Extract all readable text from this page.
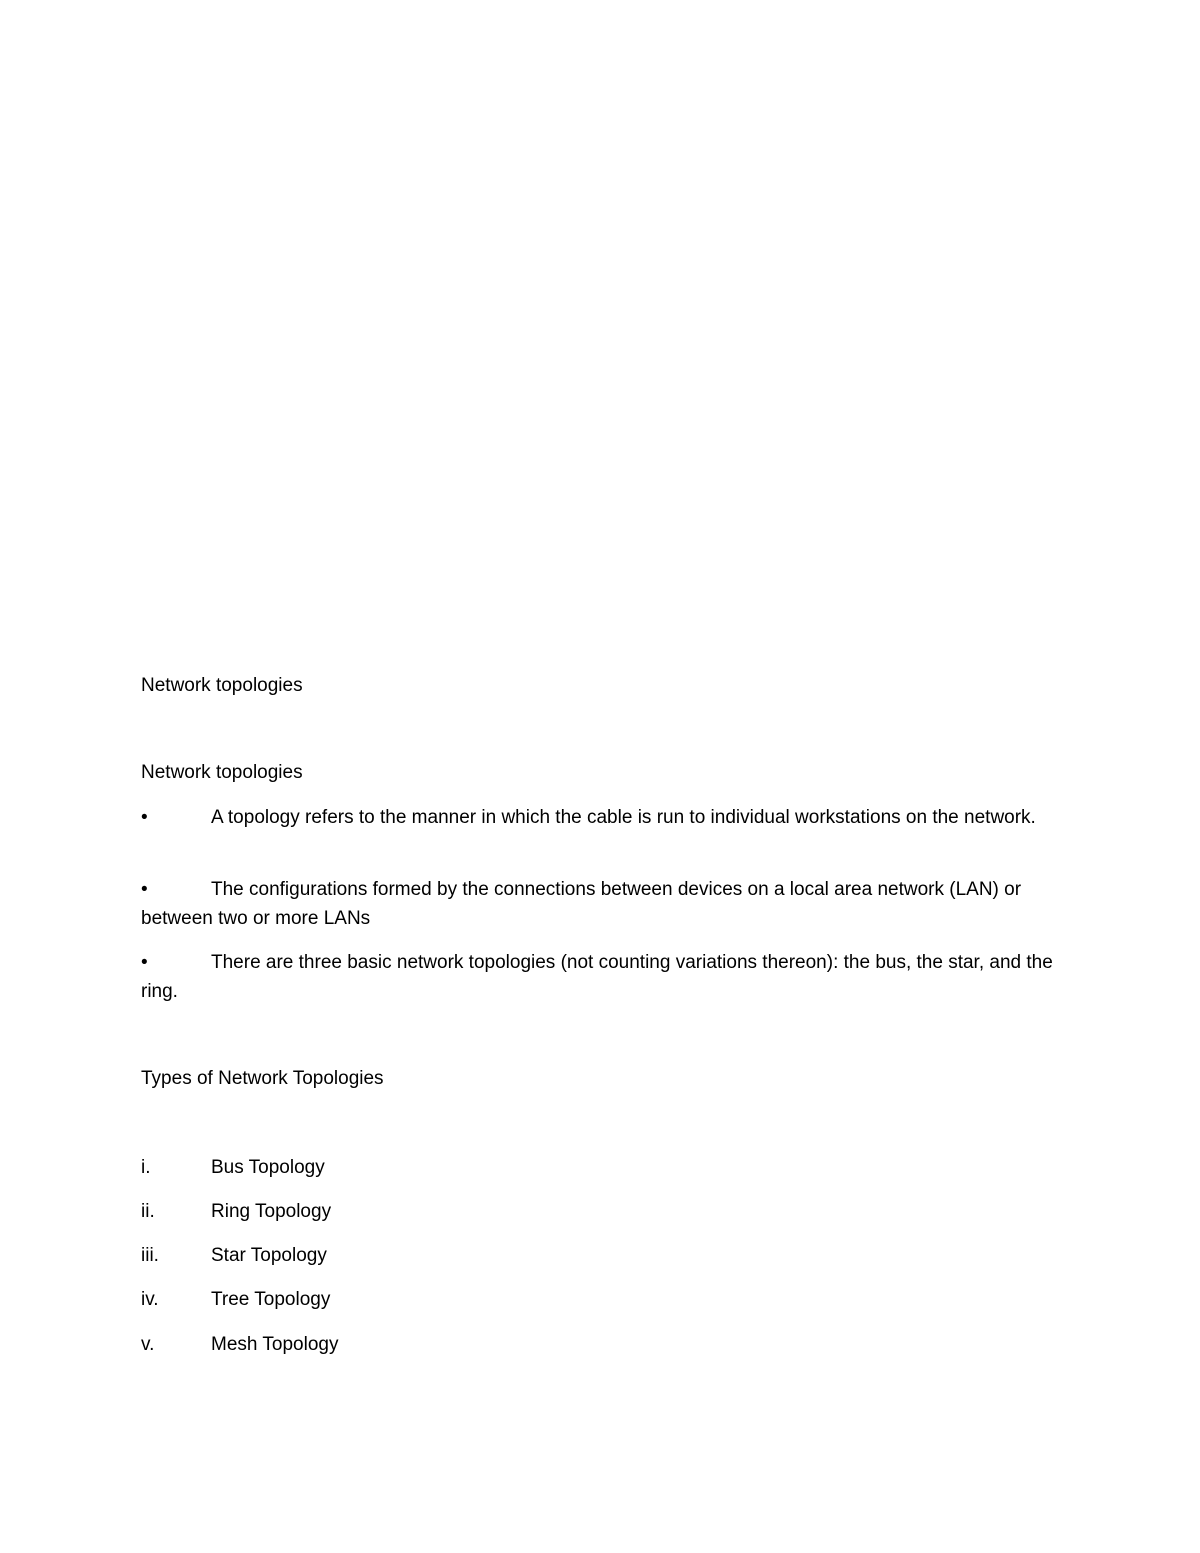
Network topologies
Network topologies
•	A topology refers to the manner in which the cable is run to individual workstations on the network.

•	The configurations formed by the connections between devices on a local area network (LAN) or between two or more LANs

•	There are three basic network topologies (not counting variations thereon): the bus, the star, and the ring.

Types of Network Topologies
i.	Bus Topology
ii.	Ring Topology
iii.	Star Topology
iv.	Tree Topology
v.	Mesh Topology
